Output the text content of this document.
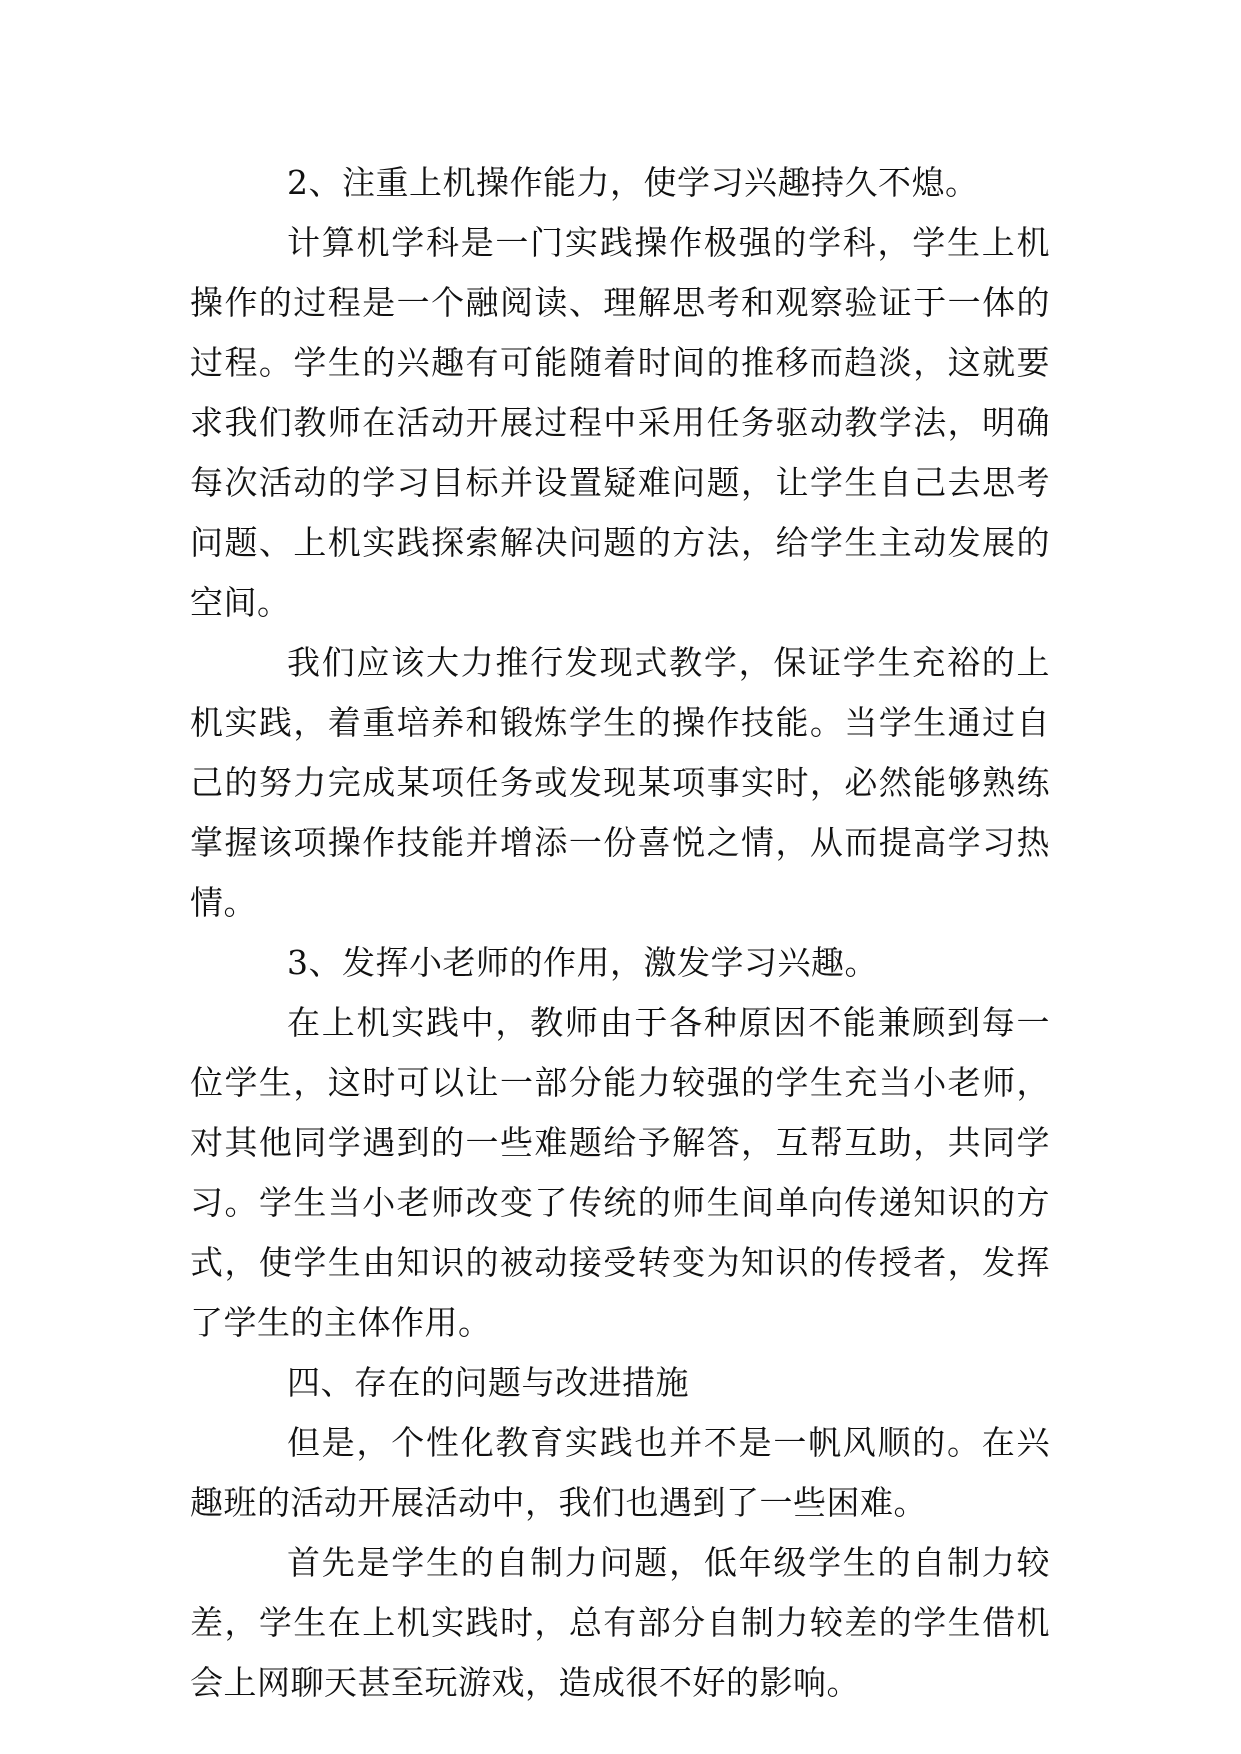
2、注重上机操作能力，使学习兴趣持久不熄。

计算机学科是一门实践操作极强的学科，学生上机操作的过程是一个融阅读、理解思考和观察验证于一体的过程。学生的兴趣有可能随着时间的推移而趋淡，这就要求我们教师在活动开展过程中采用任务驱动教学法，明确每次活动的学习目标并设置疑难问题，让学生自己去思考问题、上机实践探索解决问题的方法，给学生主动发展的空间。

我们应该大力推行发现式教学，保证学生充裕的上机实践，着重培养和锻炼学生的操作技能。当学生通过自己的努力完成某项任务或发现某项事实时，必然能够熟练掌握该项操作技能并增添一份喜悦之情，从而提高学习热情。

3、发挥小老师的作用，激发学习兴趣。

在上机实践中，教师由于各种原因不能兼顾到每一位学生，这时可以让一部分能力较强的学生充当小老师，对其他同学遇到的一些难题给予解答，互帮互助，共同学习。学生当小老师改变了传统的师生间单向传递知识的方式，使学生由知识的被动接受转变为知识的传授者，发挥了学生的主体作用。

四、存在的问题与改进措施

但是，个性化教育实践也并不是一帆风顺的。在兴趣班的活动开展活动中，我们也遇到了一些困难。

首先是学生的自制力问题，低年级学生的自制力较差，学生在上机实践时，总有部分自制力较差的学生借机会上网聊天甚至玩游戏，造成很不好的影响。
